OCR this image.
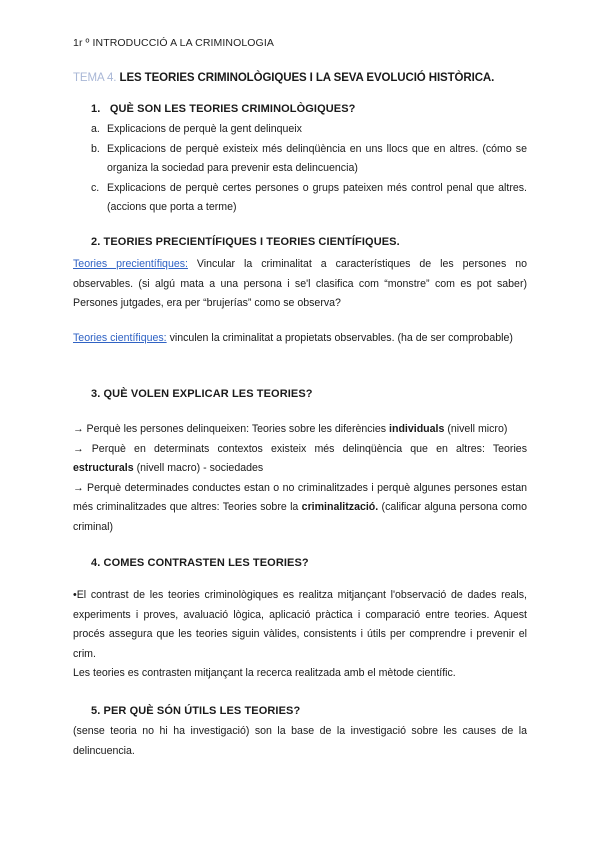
1r º INTRODUCCIÓ A LA CRIMINOLOGIA
TEMA 4. LES TEORIES CRIMINOLÒGIQUES I LA SEVA EVOLUCIÓ HISTÒRICA.
1. QUÈ SON LES TEORIES CRIMINOLÒGIQUES?
a. Explicacions de perquè la gent delinqueix
b. Explicacions de perquè existeix més delinqüència en uns llocs que en altres. (cómo se organiza la sociedad para prevenir esta delincuencia)
c. Explicacions de perquè certes persones o grups pateixen més control penal que altres. (accions que porta a terme)
2. TEORIES PRECIENTÍFIQUES I TEORIES CIENTÍFIQUES.

Teories precientífiques: Vincular la criminalitat a característiques de les persones no observables. (si algú mata a una persona i se'l clasifica com “monstre” com es pot saber) Persones jutgades, era per “brujerías” como se observa?

Teories científiques: vinculen la criminalitat a propietats observables. (ha de ser comprobable)

3. QUÈ VOLEN EXPLICAR LES TEORIES?

→ Perquè les persones delinqueixen: Teories sobre les diferències individuals (nivell micro)

→ Perquè en determinats contextos existeix més delinqüència que en altres: Teories estructurals (nivell macro) - sociedades

→ Perquè determinades conductes estan o no criminalitzades i perquè algunes persones estan més criminalitzades que altres: Teories sobre la criminalització. (calificar alguna persona como criminal)

4. COMES CONTRASTEN LES TEORIES?

•El contrast de les teories criminològiques es realitza mitjançant l'observació de dades reals, experiments i proves, avaluació lògica, aplicació pràctica i comparació entre teories. Aquest procés assegura que les teories siguin vàlides, consistents i útils per comprendre i prevenir el crim.

Les teories es contrasten mitjançant la recerca realitzada amb el mètode científic.

5. PER QUÈ SÓN ÚTILS LES TEORIES?

(sense teoria no hi ha investigació) son la base de la investigació sobre les causes de la delincuencia.
